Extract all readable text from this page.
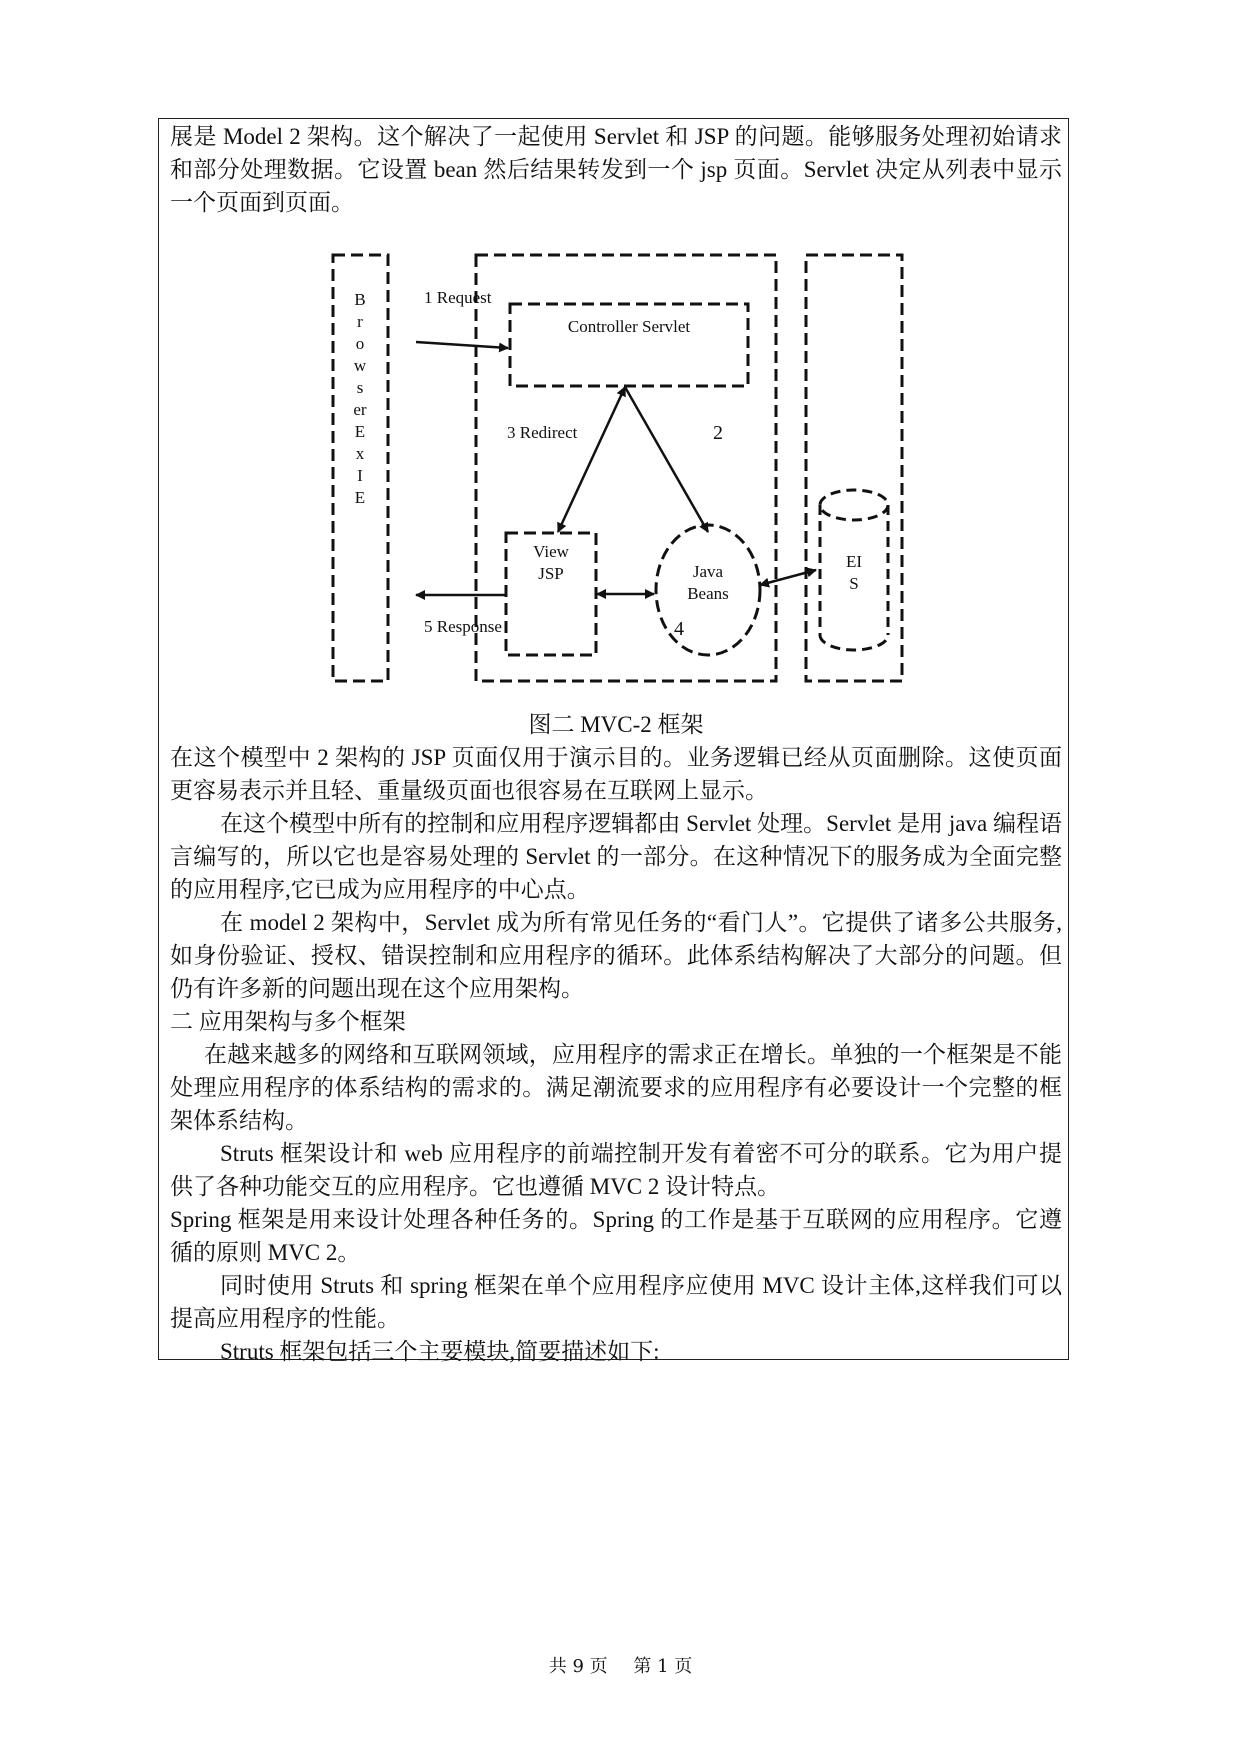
展是 Model 2 架构。这个解决了一起使用 Servlet 和 JSP 的问题。能够服务处理初始请求和部分处理数据。它设置 bean 然后结果转发到一个 jsp 页面。Servlet 决定从列表中显示一个页面到页面。

B
r
o
w
s
er
E
x
I
E
Controller Servlet
1 Request
3 Redirect	2
View
JSP	Java
Beans
4
5 Response
EI
S
图二 MVC-2 框架

在这个模型中 2 架构的 JSP 页面仅用于演示目的。业务逻辑已经从页面删除。这使页面更容易表示并且轻、重量级页面也很容易在互联网上显示。

在这个模型中所有的控制和应用程序逻辑都由 Servlet 处理。Servlet 是用 java 编程语言编写的，所以它也是容易处理的 Servlet 的一部分。在这种情况下的服务成为全面完整的应用程序,它已成为应用程序的中心点。

在 model 2 架构中，Servlet 成为所有常见任务的“看门人”。它提供了诸多公共服务,如身份验证、授权、错误控制和应用程序的循环。此体系结构解决了大部分的问题。但仍有许多新的问题出现在这个应用架构。

二 应用架构与多个框架

在越来越多的网络和互联网领域，应用程序的需求正在增长。单独的一个框架是不能处理应用程序的体系结构的需求的。满足潮流要求的应用程序有必要设计一个完整的框架体系结构。

Struts 框架设计和 web 应用程序的前端控制开发有着密不可分的联系。它为用户提供了各种功能交互的应用程序。它也遵循 MVC 2 设计特点。

Spring 框架是用来设计处理各种任务的。Spring 的工作是基于互联网的应用程序。它遵循的原则 MVC 2。

同时使用 Struts 和 spring 框架在单个应用程序应使用 MVC 设计主体,这样我们可以提高应用程序的性能。

Struts 框架包括三个主要模块,简要描述如下:

共 9 页 第 1 页
